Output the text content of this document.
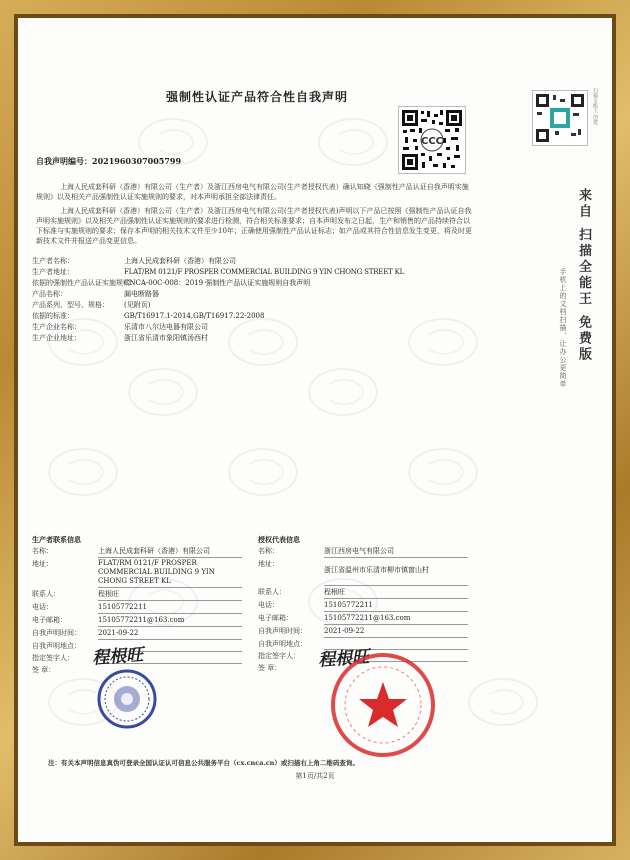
强制性认证产品符合性自我声明
CCC
自我声明编号：2021960307005799
上海人民成套科研（香港）有限公司（生产者）及浙江西房电气有限公司(生产者授权代表）确认知晓《强制性产品认证自我声明实施规则》以及相关产品强制性认证实施规则的要求，对本声明承担全部法律责任。
上海人民成套科研（香港）有限公司（生产者）及浙江西房电气有限公司(生产者授权代表)声明以下产品已按照《强制性产品认证自我声明实施规则》以及相关产品强制性认证实施规则的要求进行检测，符合相关标准要求；自本声明发布之日起，生产和销售的产品持续符合以下标准与实施规则的要求；保存本声明的相关技术文件至少10年；正确使用强制性产品认证标志；如产品或其符合性信息发生变更，将及时更新技术文件并报送产品变更信息。
生产者名称：	上海人民成套科研（香港）有限公司
生产者地址：	FLAT/RM 0121/F PROSPER COMMERCIAL BUILDING 9 YIN CHONG STREET KL
依据的强制性产品认证实施规则：
CNCA-00C-008：2019 强制性产品认证实施规则自我声明
产品名称：	漏电断路器
产品系列、型号、规格：	(见附页)
依据的标准：	GB/T16917.1-2014,GB/T16917.22-2008
生产企业名称：	乐清市八尔达电器有限公司
生产企业地址：	浙江省乐清市象阳镇汤西村	来自 扫描全能王 免费版
手机上的文档扫描，让办公更简单
扫描全能王 创建
生产者联系信息
名称：	上海人民成套科研（香港）有限公司
地址：	FLAT/RM 0121/F PROSPER
COMMERCIAL BUILDING 9 YIN
CHONG STREET KL
联系人：	程根旺
电话：	15105772211
电子邮箱：	15105772211@163.com
自我声明时间：	2021-09-22
自我声明地点：
指定签字人：
签 章：
程根旺
授权代表信息
名称：	浙江西房电气有限公司
地址：
浙江省温州市乐清市柳市镇窗山村
联系人：	程根旺
电话：	15105772211
电子邮箱：	15105772211@163.com
自我声明时间：	2021-09-22
自我声明地点：
指定签字人：
签 章：	程根旺
注：有关本声明信息真伪可登录全国认证认可信息公共服务平台（cx.cnca.cn）或扫描右上角二维码查询。
第1页/共2页
